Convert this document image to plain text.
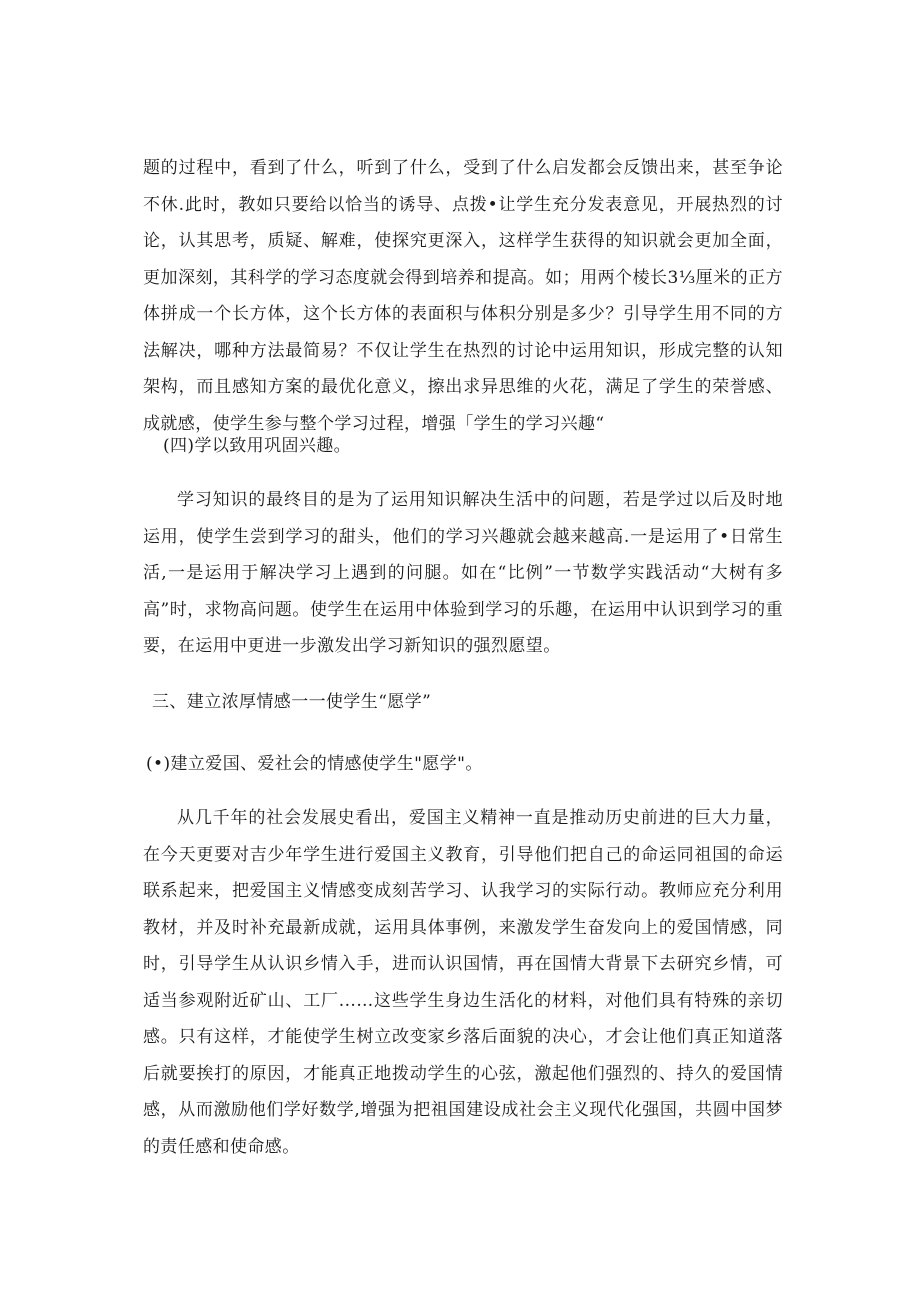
题的过程中，看到了什么，听到了什么，受到了什么启发都会反馈出来，甚至争论不休.此时，教如只要给以恰当的诱导、点拨•让学生充分发表意见，开展热烈的讨论，认其思考，质疑、解难，使探究更深入，这样学生获得的知识就会更加全面，更加深刻，其科学的学习态度就会得到培养和提高。如；用两个棱长3⅓厘米的正方体拼成一个长方体，这个长方体的表面积与体积分别是多少？引导学生用不同的方法解决，哪种方法最简易？不仅让学生在热烈的讨论中运用知识，形成完整的认知架构，而且感知方案的最优化意义，擦出求异思维的火花，满足了学生的荣誉感、成就感，使学生参与整个学习过程，增强「学生的学习兴趣“

(四)学以致用巩固兴趣。

学习知识的最终目的是为了运用知识解决生活中的问题，若是学过以后及时地运用，使学生尝到学习的甜头，他们的学习兴趣就会越来越高.一是运用了•日常生活,一是运用于解决学习上遇到的问腿。如在“比例”一节数学实践活动“大树有多高”时，求物高问题。使学生在运用中体验到学习的乐趣，在运用中认识到学习的重要，在运用中更进一步激发出学习新知识的强烈愿望。

三、建立浓厚情感一一使学生“愿学”

(•)建立爱国、爱社会的情感使学生"愿学"。

从几千年的社会发展史看出，爱国主义精神一直是推动历史前进的巨大力量，在今天更要对吉少年学生进行爱国主义教育，引导他们把自己的命运同祖国的命运联系起来，把爱国主义情感变成刻苦学习、认我学习的实际行动。教师应充分利用教材，并及时补充最新成就，运用具体事例，来激发学生奋发向上的爱国情感，同时，引导学生从认识乡情入手，进而认识国情，再在国情大背景下去研究乡情，可适当参观附近矿山、工厂...…这些学生身边生活化的材料，对他们具有特殊的亲切感。只有这样，才能使学生树立改变家乡落后面貌的决心，才会让他们真正知道落后就要挨打的原因，才能真正地拨动学生的心弦，激起他们强烈的、持久的爱国情感，从而激励他们学好数学,增强为把祖国建设成社会主义现代化强国，共圆中国梦的责任感和使命感。
